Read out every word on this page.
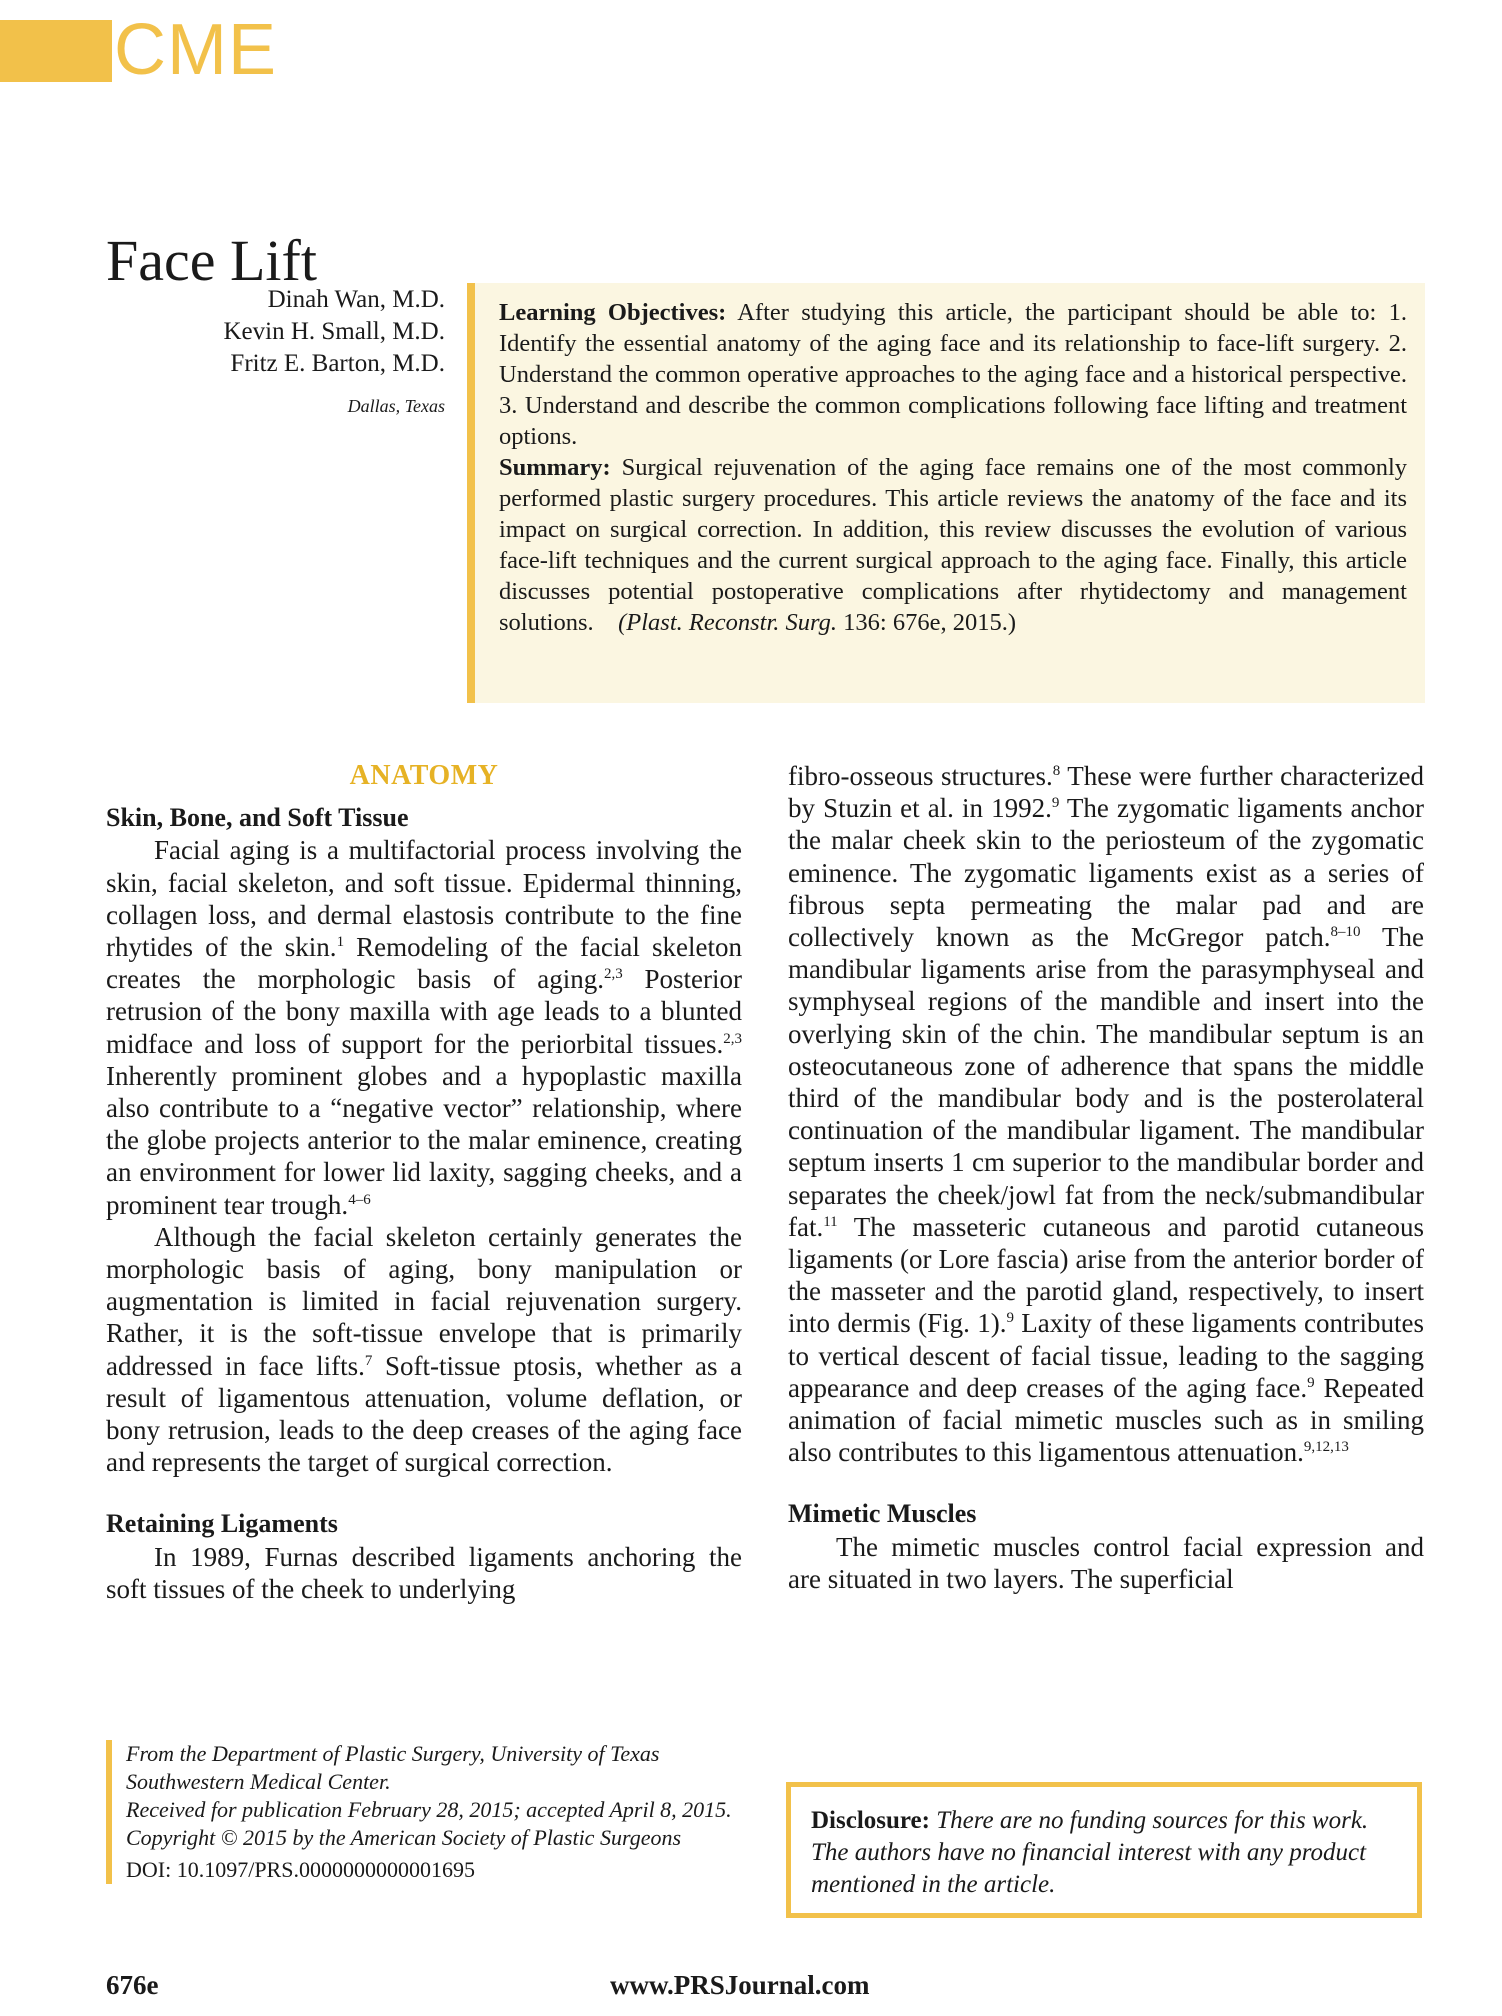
CME
Face Lift
Dinah Wan, M.D.
Kevin H. Small, M.D.
Fritz E. Barton, M.D.
Dallas, Texas

Learning Objectives: After studying this article, the participant should be able to: 1. Identify the essential anatomy of the aging face and its relationship to face-lift surgery. 2. Understand the common operative approaches to the aging face and a historical perspective. 3. Understand and describe the common complications following face lifting and treatment options.

Summary: Surgical rejuvenation of the aging face remains one of the most commonly performed plastic surgery procedures. This article reviews the anatomy of the face and its impact on surgical correction. In addition, this review discusses the evolution of various face-lift techniques and the current surgical approach to the aging face. Finally, this article discusses potential postoperative complications after rhytidectomy and management solutions. (Plast. Reconstr. Surg. 136: 676e, 2015.)

ANATOMY
Skin, Bone, and Soft Tissue

Facial aging is a multifactorial process involving the skin, facial skeleton, and soft tissue. Epidermal thinning, collagen loss, and dermal elastosis contribute to the fine rhytides of the skin.$^1$ Remodeling of the facial skeleton creates the morphologic basis of aging.$^{2,3}$ Posterior retrusion of the bony maxilla with age leads to a blunted midface and loss of support for the periorbital tissues.$^{2,3}$ Inherently prominent globes and a hypoplastic maxilla also contribute to a “negative vector” relationship, where the globe projects anterior to the malar eminence, creating an environment for lower lid laxity, sagging cheeks, and a prominent tear trough.$^{4-6}$

Although the facial skeleton certainly generates the morphologic basis of aging, bony manipulation or augmentation is limited in facial rejuvenation surgery. Rather, it is the soft-tissue envelope that is primarily addressed in face lifts.$^7$ Soft-tissue ptosis, whether as a result of ligamentous attenuation, volume deflation, or bony retrusion, leads to the deep creases of the aging face and represents the target of surgical correction.

Retaining Ligaments

In 1989, Furnas described ligaments anchoring the soft tissues of the cheek to underlying

fibro-osseous structures.$^8$ These were further characterized by Stuzin et al. in 1992.$^9$ The zygomatic ligaments anchor the malar cheek skin to the periosteum of the zygomatic eminence. The zygomatic ligaments exist as a series of fibrous septa permeating the malar pad and are collectively known as the McGregor patch.$^{8-10}$ The mandibular ligaments arise from the parasymphyseal and symphyseal regions of the mandible and insert into the overlying skin of the chin. The mandibular septum is an osteocutaneous zone of adherence that spans the middle third of the mandibular body and is the posterolateral continuation of the mandibular ligament. The mandibular septum inserts 1 cm superior to the mandibular border and separates the cheek/jowl fat from the neck/submandibular fat.$^{11}$ The masseteric cutaneous and parotid cutaneous ligaments (or Lore fascia) arise from the anterior border of the masseter and the parotid gland, respectively, to insert into dermis (Fig. 1).$^9$ Laxity of these ligaments contributes to vertical descent of facial tissue, leading to the sagging appearance and deep creases of the aging face.$^9$ Repeated animation of facial mimetic muscles such as in smiling also contributes to this ligamentous attenuation.$^{9,12,13}$

Mimetic Muscles

The mimetic muscles control facial expression and are situated in two layers. The superficial

From the Department of Plastic Surgery, University of Texas Southwestern Medical Center.
Received for publication February 28, 2015; accepted April 8, 2015.
Copyright © 2015 by the American Society of Plastic Surgeons
DOI: 10.1097/PRS.0000000000001695
Disclosure: There are no funding sources for this work. The authors have no financial interest with any product mentioned in the article.
676e	www.PRSJournal.com
